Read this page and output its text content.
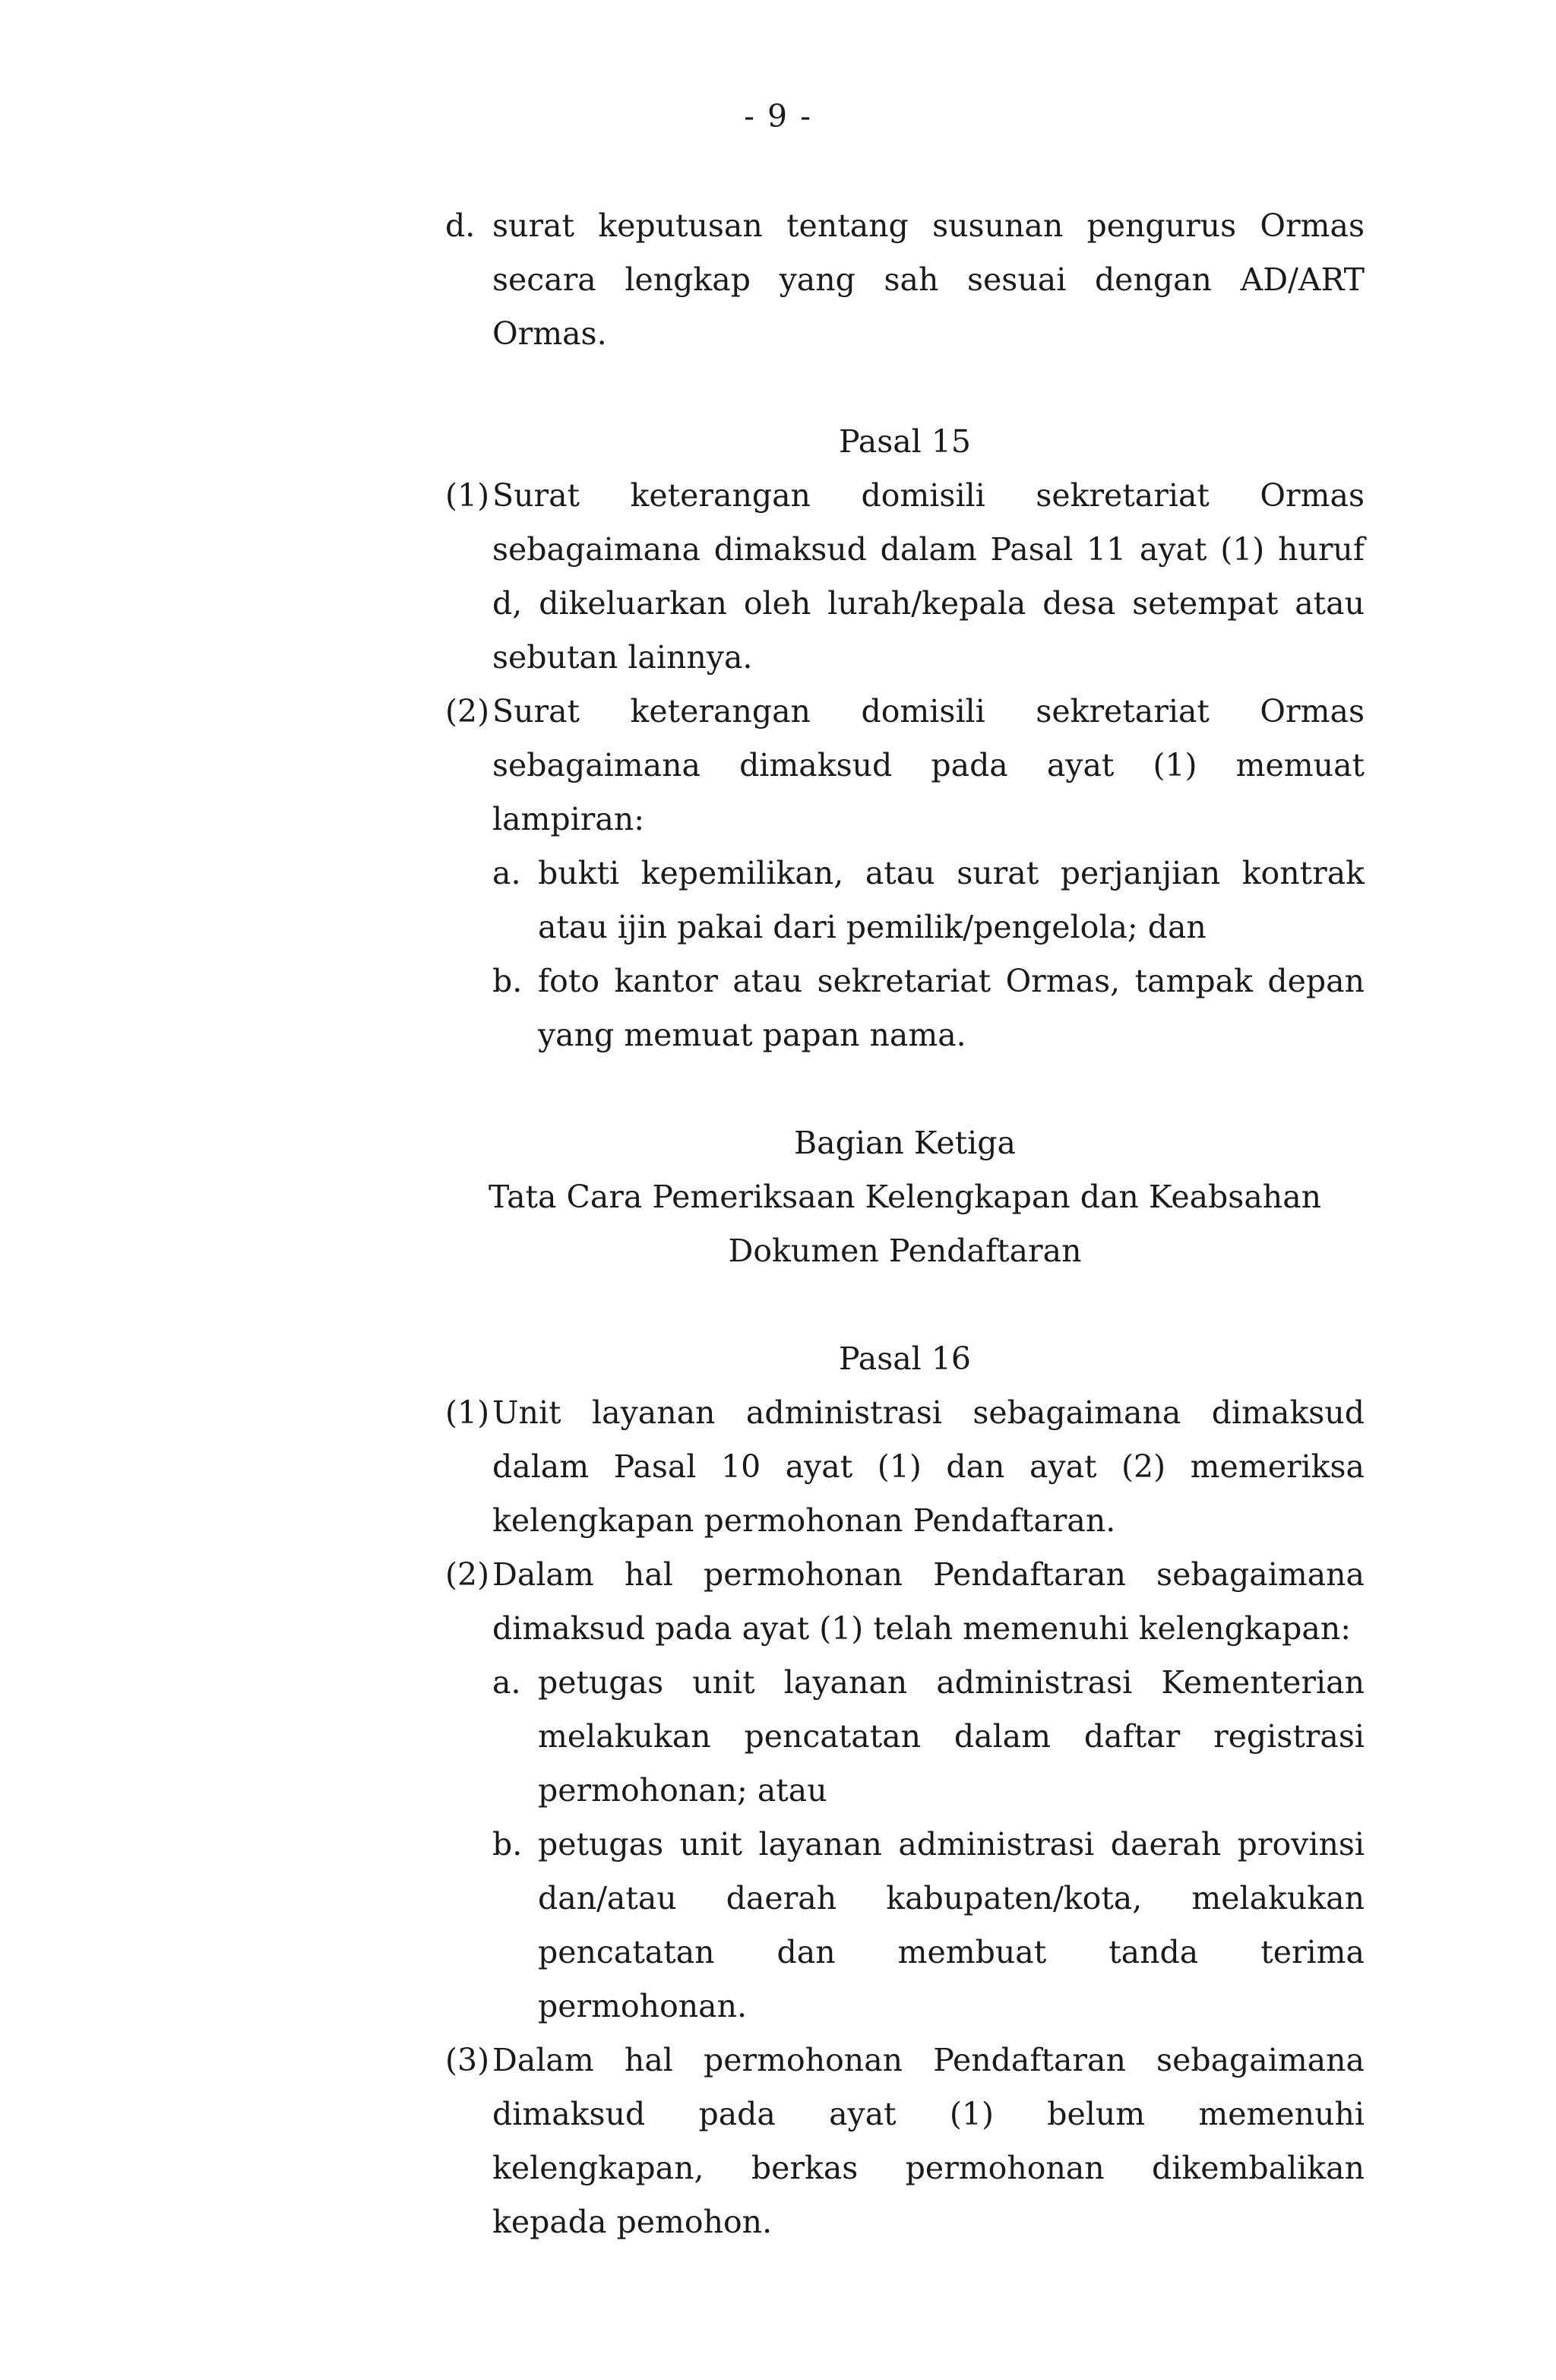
- 9 -
d. surat keputusan tentang susunan pengurus Ormas secara lengkap yang sah sesuai dengan AD/ART Ormas.

Pasal 15

(1) Surat keterangan domisili sekretariat Ormas sebagaimana dimaksud dalam Pasal 11 ayat (1) huruf d, dikeluarkan oleh lurah/kepala desa setempat atau sebutan lainnya.
(2) Surat keterangan domisili sekretariat Ormas sebagaimana dimaksud pada ayat (1) memuat lampiran:
a. bukti kepemilikan, atau surat perjanjian kontrak atau ijin pakai dari pemilik/pengelola; dan
b. foto kantor atau sekretariat Ormas, tampak depan yang memuat papan nama.

Bagian Ketiga

Tata Cara Pemeriksaan Kelengkapan dan Keabsahan

Dokumen Pendaftaran

Pasal 16

(1) Unit layanan administrasi sebagaimana dimaksud dalam Pasal 10 ayat (1) dan ayat (2) memeriksa kelengkapan permohonan Pendaftaran.
(2) Dalam hal permohonan Pendaftaran sebagaimana dimaksud pada ayat (1) telah memenuhi kelengkapan:
a. petugas unit layanan administrasi Kementerian melakukan pencatatan dalam daftar registrasi permohonan; atau
b. petugas unit layanan administrasi daerah provinsi dan/atau daerah kabupaten/kota, melakukan pencatatan dan membuat tanda terima permohonan.
(3) Dalam hal permohonan Pendaftaran sebagaimana dimaksud pada ayat (1) belum memenuhi kelengkapan, berkas permohonan dikembalikan kepada pemohon.
